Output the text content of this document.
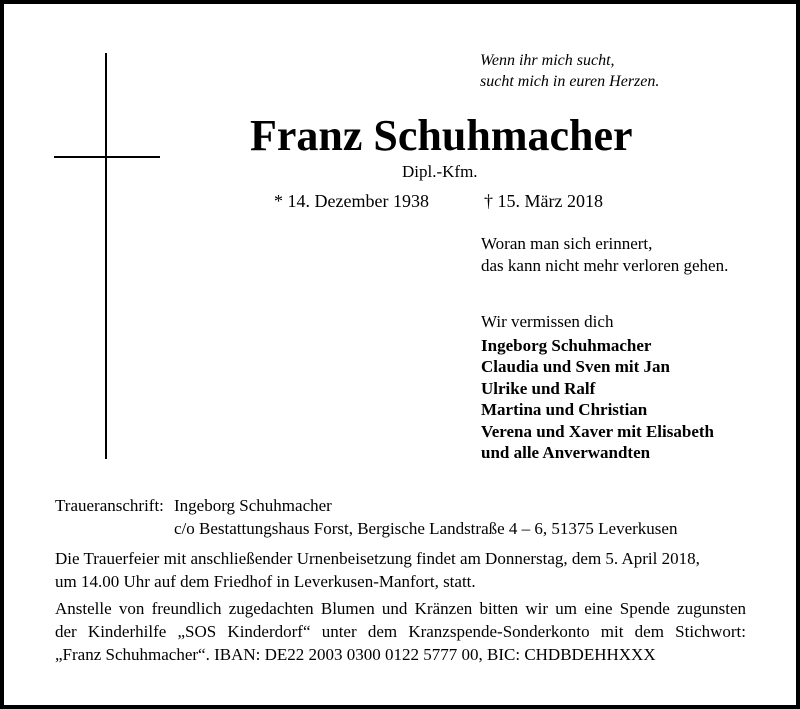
Wenn ihr mich sucht,
sucht mich in euren Herzen.
Franz Schuhmacher
Dipl.-Kfm.
* 14. Dezember 1938	† 15. März 2018
Woran man sich erinnert,
das kann nicht mehr verloren gehen.
Wir vermissen dich
Ingeborg Schuhmacher
Claudia und Sven mit Jan
Ulrike und Ralf
Martina und Christian
Verena und Xaver mit Elisabeth
und alle Anverwandten
Traueranschrift: Ingeborg Schuhmacher
c/o Bestattungshaus Forst, Bergische Landstraße 4 – 6, 51375 Leverkusen
Die Trauerfeier mit anschließender Urnenbeisetzung findet am Donnerstag, dem 5. April 2018,
um 14.00 Uhr auf dem Friedhof in Leverkusen-Manfort, statt.
Anstelle von freundlich zugedachten Blumen und Kränzen bitten wir um eine Spende zugunsten
der Kinderhilfe „SOS Kinderdorf“ unter dem Kranzspende-Sonderkonto mit dem Stichwort:
„Franz Schuhmacher“. IBAN: DE22 2003 0300 0122 5777 00, BIC: CHDBDEHHXXX
